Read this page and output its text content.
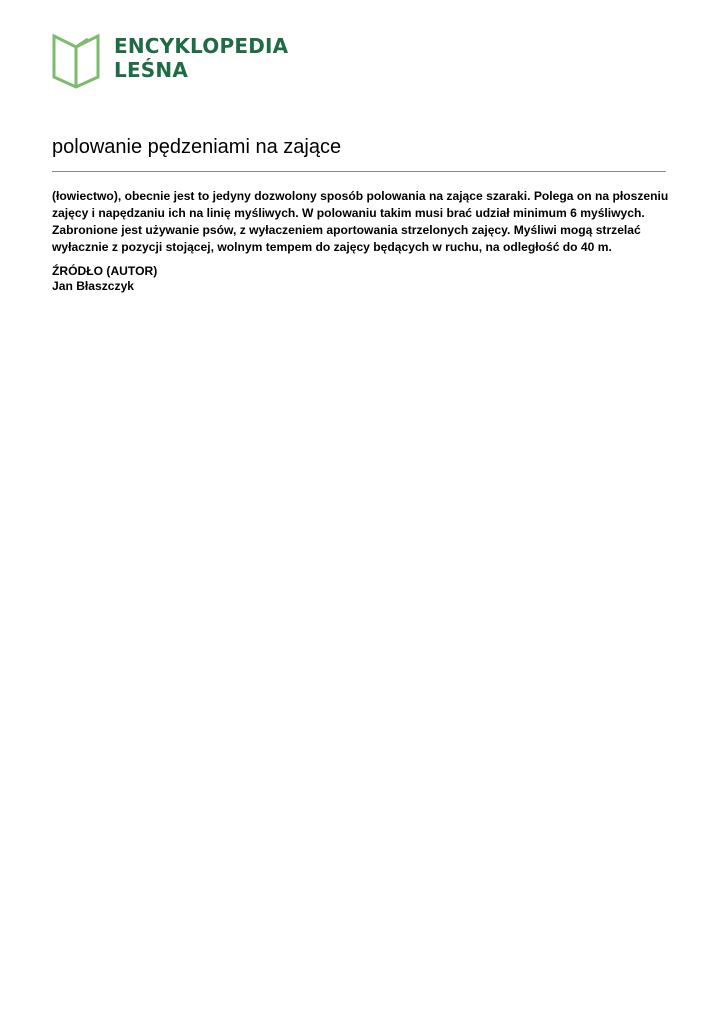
ENCYKLOPEDIA
LEŚNA
polowanie pędzeniami na zające

(łowiectwo), obecnie jest to jedyny dozwolony sposób polowania na zające szaraki. Polega on na płoszeniu zajęcy i napędzaniu ich na linię myśliwych. W polowaniu takim musi brać udział minimum 6 myśliwych. Zabronione jest używanie psów, z wyłaczeniem aportowania strzelonych zajęcy. Myśliwi mogą strzelać wyłacznie z pozycji stojącej, wolnym tempem do zajęcy będących w ruchu, na odległość do 40 m.

ŹRÓDŁO (AUTOR)
Jan Błaszczyk
